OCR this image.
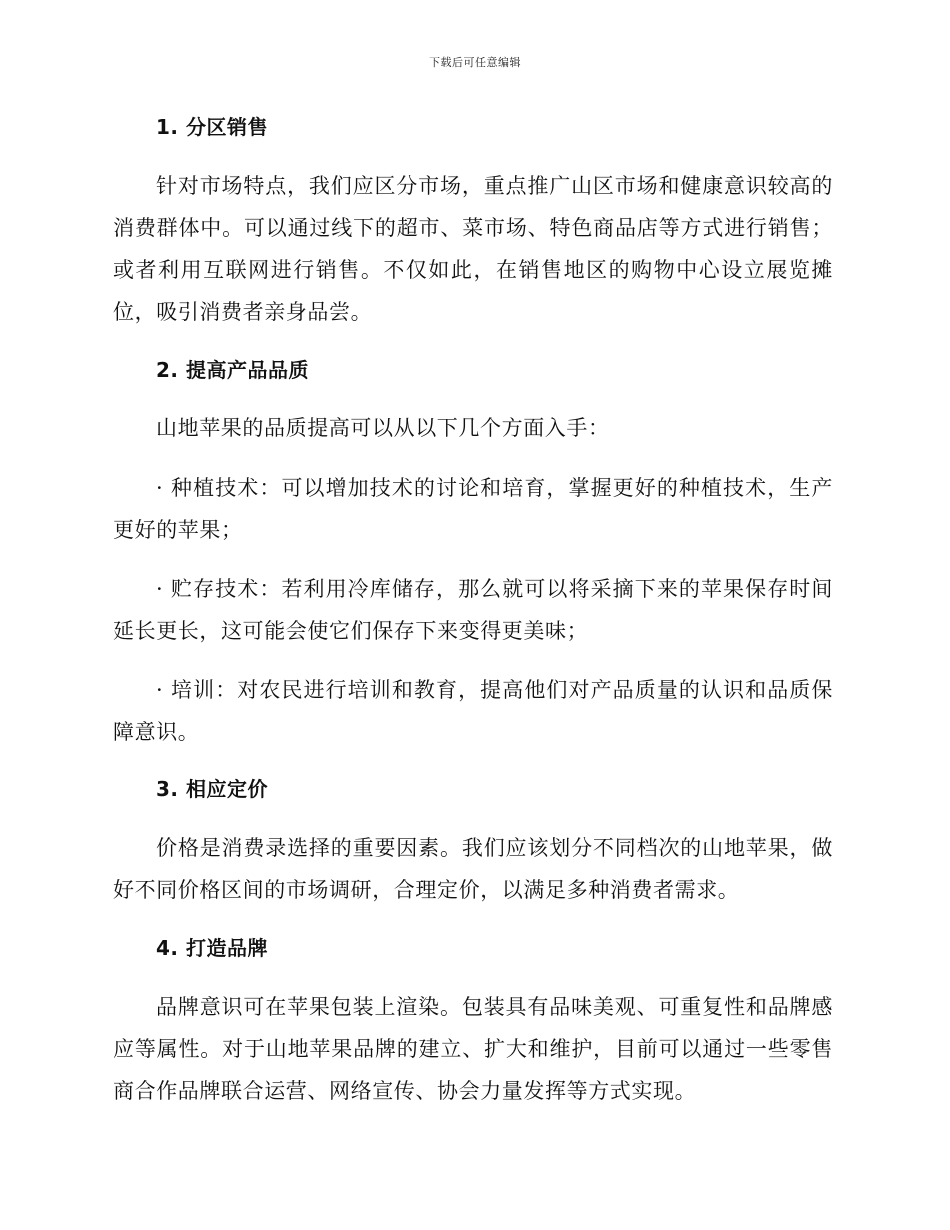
下载后可任意编辑
1. 分区销售

针对市场特点，我们应区分市场，重点推广山区市场和健康意识较高的消费群体中。可以通过线下的超市、菜市场、特色商品店等方式进行销售；或者利用互联网进行销售。不仅如此，在销售地区的购物中心设立展览摊位，吸引消费者亲身品尝。

2. 提高产品品质

山地苹果的品质提高可以从以下几个方面入手：

· 种植技术：可以增加技术的讨论和培育，掌握更好的种植技术，生产更好的苹果；

· 贮存技术：若利用冷库储存，那么就可以将采摘下来的苹果保存时间延长更长，这可能会使它们保存下来变得更美味；

· 培训：对农民进行培训和教育，提高他们对产品质量的认识和品质保障意识。

3. 相应定价

价格是消费录选择的重要因素。我们应该划分不同档次的山地苹果，做好不同价格区间的市场调研，合理定价，以满足多种消费者需求。

4. 打造品牌

品牌意识可在苹果包装上渲染。包装具有品味美观、可重复性和品牌感应等属性。对于山地苹果品牌的建立、扩大和维护，目前可以通过一些零售商合作品牌联合运营、网络宣传、协会力量发挥等方式实现。
